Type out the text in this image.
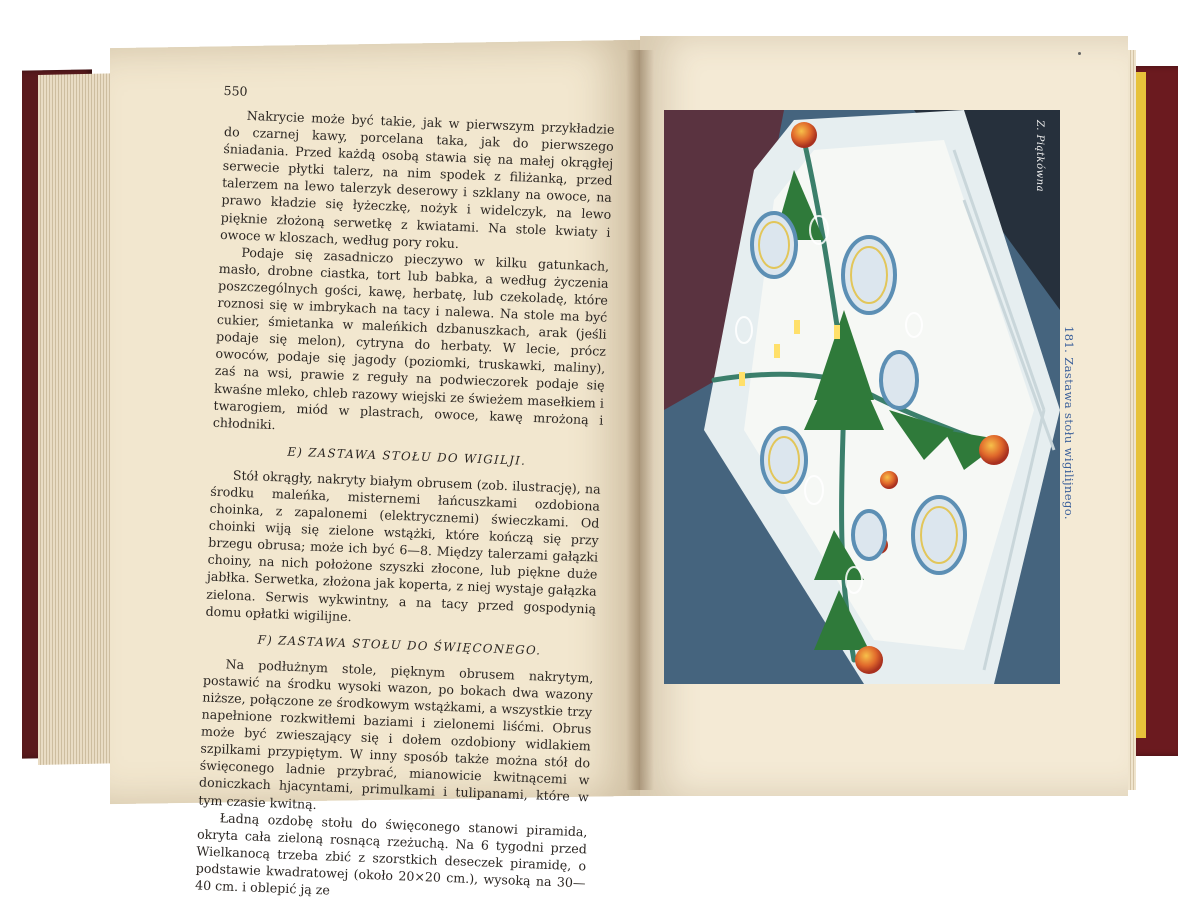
550

Nakrycie może być takie, jak w pierwszym przykładzie do czarnej kawy, porcelana taka, jak do pierwszego śniadania. Przed każdą osobą stawia się na małej okrągłej serwecie płytki talerz, na nim spodek z filiżanką, przed talerzem na lewo talerzyk deserowy i szklany na owoce, na prawo kładzie się łyżeczkę, nożyk i widelczyk, na lewo pięknie złożoną serwetkę z kwiatami. Na stole kwiaty i owoce w kloszach, według pory roku.

Podaje się zasadniczo pieczywo w kilku gatunkach, masło, drobne ciastka, tort lub babka, a według życzenia poszczególnych gości, kawę, herbatę, lub czekoladę, które roznosi się w imbrykach na tacy i nalewa. Na stole ma być cukier, śmietanka w maleńkich dzbanuszkach, arak (jeśli podaje się melon), cytryna do herbaty. W lecie, prócz owoców, podaje się jagody (poziomki, truskawki, maliny), zaś na wsi, prawie z reguły na podwieczorek podaje się kwaśne mleko, chleb razowy wiejski ze świeżem masełkiem i twarogiem, miód w plastrach, owoce, kawę mrożoną i chłodniki.

E) ZASTAWA STOŁU DO WIGILJI.

Stół okrągły, nakryty białym obrusem (zob. ilustrację), na środku maleńka, misternemi łańcuszkami ozdobiona choinka, z zapalonemi (elektrycznemi) świeczkami. Od choinki wiją się zielone wstążki, które kończą się przy brzegu obrusa; może ich być 6—8. Między talerzami gałązki choiny, na nich położone szyszki złocone, lub piękne duże jabłka. Serwetka, złożona jak koperta, z niej wystaje gałązka zielona. Serwis wykwintny, a na tacy przed gospodynią domu opłatki wigilijne.

F) ZASTAWA STOŁU DO ŚWIĘCONEGO.

Na podłużnym stole, pięknym obrusem nakrytym, postawić na środku wysoki wazon, po bokach dwa wazony niższe, połączone ze środkowym wstążkami, a wszystkie trzy napełnione rozkwitłemi baziami i zielonemi liśćmi. Obrus może być zwieszający się i dołem ozdobiony widlakiem szpilkami przypiętym. W inny sposób także można stół do święconego ladnie przybrać, mianowicie kwitnącemi w doniczkach hjacyntami, primulkami i tulipanami, które w tym czasie kwitną.

Ładną ozdobę stołu do święconego stanowi piramida, okryta cała zieloną rosnącą rzeżuchą. Na 6 tygodni przed Wielkanocą trzeba zbić z szorstkich deseczek piramidę, o podstawie kwadratowej (około 20×20 cm.), wysoką na 30—40 cm. i oblepić ją ze

Z. Piątkówna
181. Zastawa stołu wigilijnego.
